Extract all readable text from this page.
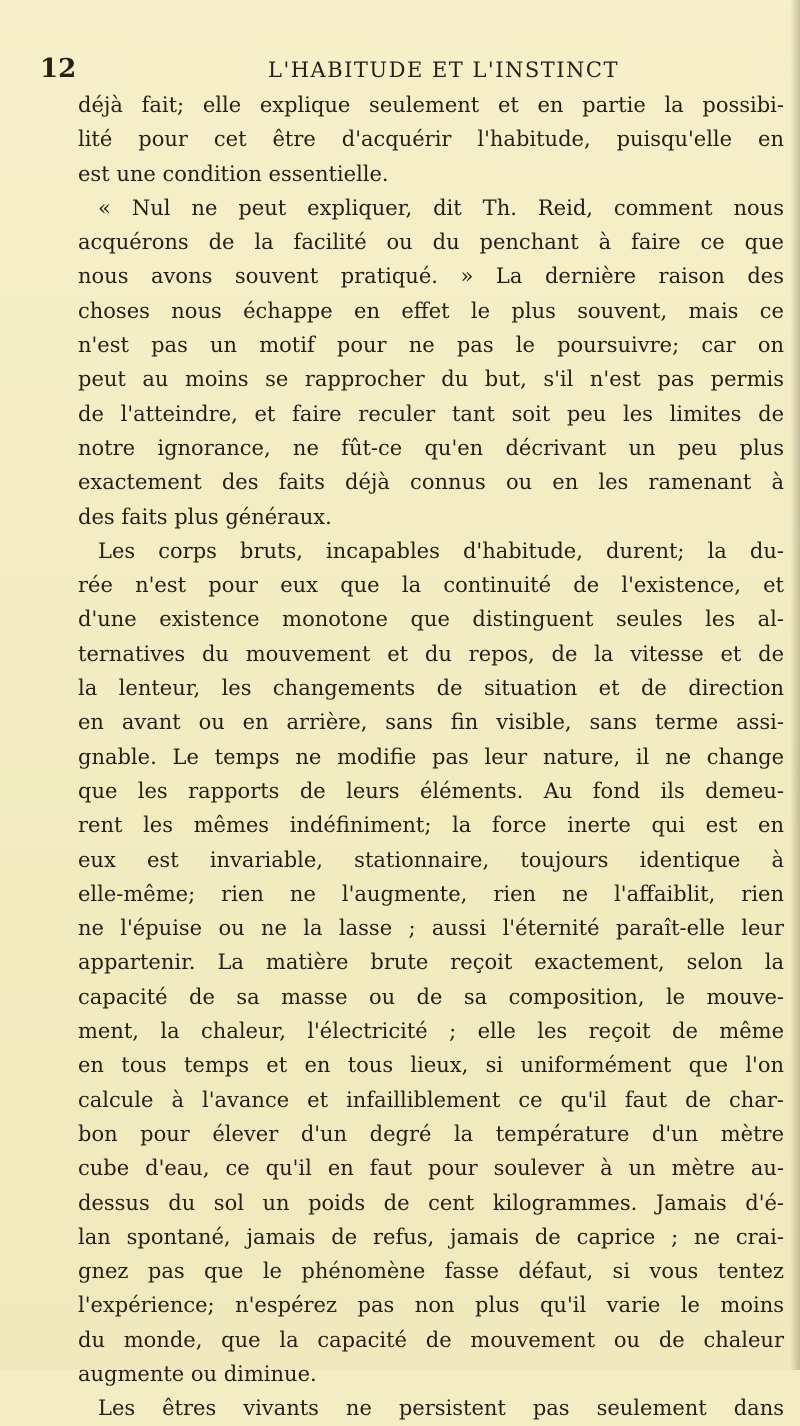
12	L'HABITUDE ET L'INSTINCT
déjà fait; elle explique seulement et en partie la possibi-
lité pour cet être d'acquérir l'habitude, puisqu'elle en
est une condition essentielle.
« Nul ne peut expliquer, dit Th. Reid, comment nous
acquérons de la facilité ou du penchant à faire ce que
nous avons souvent pratiqué. » La dernière raison des
choses nous échappe en effet le plus souvent, mais ce
n'est pas un motif pour ne pas le poursuivre; car on
peut au moins se rapprocher du but, s'il n'est pas permis
de l'atteindre, et faire reculer tant soit peu les limites de
notre ignorance, ne fût-ce qu'en décrivant un peu plus
exactement des faits déjà connus ou en les ramenant à
des faits plus généraux.
Les corps bruts, incapables d'habitude, durent; la du-
rée n'est pour eux que la continuité de l'existence, et
d'une existence monotone que distinguent seules les al-
ternatives du mouvement et du repos, de la vitesse et de
la lenteur, les changements de situation et de direction
en avant ou en arrière, sans fin visible, sans terme assi-
gnable. Le temps ne modifie pas leur nature, il ne change
que les rapports de leurs éléments. Au fond ils demeu-
rent les mêmes indéfiniment; la force inerte qui est en
eux est invariable, stationnaire, toujours identique à
elle-même; rien ne l'augmente, rien ne l'affaiblit, rien
ne l'épuise ou ne la lasse ; aussi l'éternité paraît-elle leur
appartenir. La matière brute reçoit exactement, selon la
capacité de sa masse ou de sa composition, le mouve-
ment, la chaleur, l'électricité ; elle les reçoit de même
en tous temps et en tous lieux, si uniformément que l'on
calcule à l'avance et infailliblement ce qu'il faut de char-
bon pour élever d'un degré la température d'un mètre
cube d'eau, ce qu'il en faut pour soulever à un mètre au-
dessus du sol un poids de cent kilogrammes. Jamais d'é-
lan spontané, jamais de refus, jamais de caprice ; ne crai-
gnez pas que le phénomène fasse défaut, si vous tentez
l'expérience; n'espérez pas non plus qu'il varie le moins
du monde, que la capacité de mouvement ou de chaleur
augmente ou diminue.
Les êtres vivants ne persistent pas seulement dans
